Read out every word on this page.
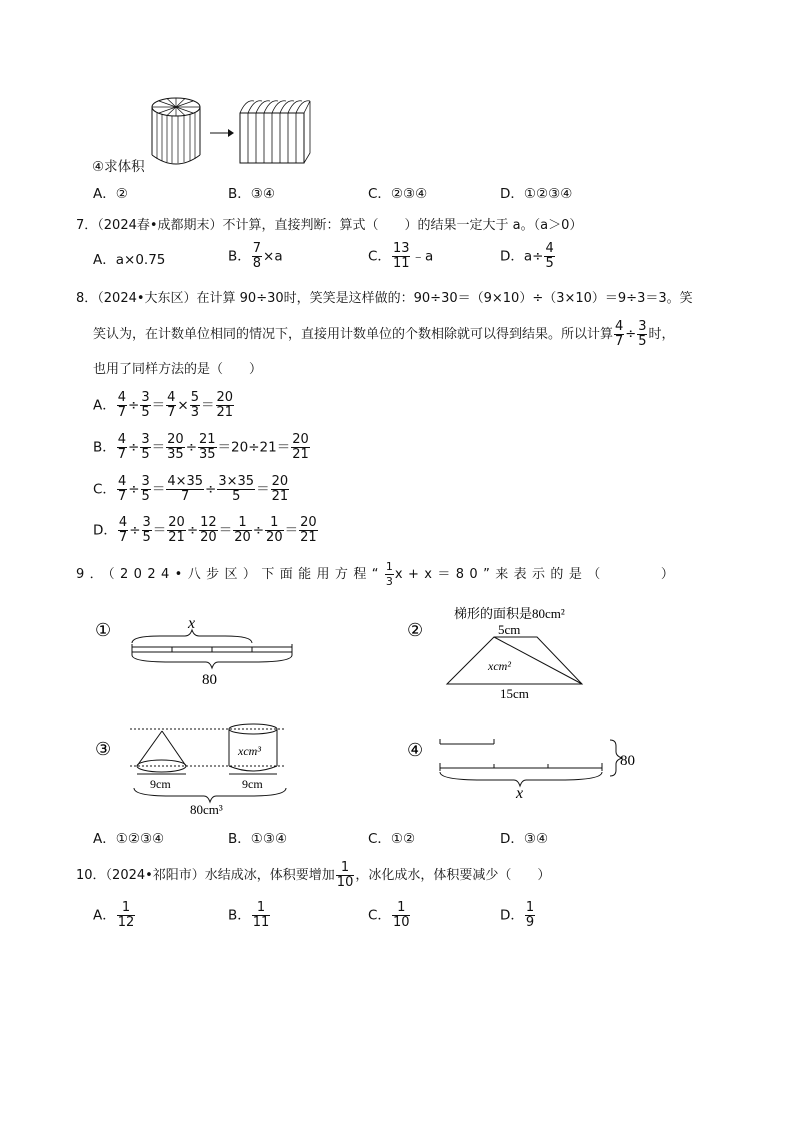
④求体积
A．②	B．③④	C．②③④	D．①②③④
7．（2024春•成都期末）不计算，直接判断：算式（　　）的结果一定大于 a。（a＞0）
A．a×0.75	B． $\frac{7}{8} \times a$	C． $\frac{13}{11}$ ﹣a	D．$a\div \frac{4}{5}$
8．（2024•大东区）在计算 90÷30时，笑笑是这样做的：90÷30＝（9×10）÷（3×10）＝9÷3＝3。笑
笑认为，在计数单位相同的情况下，直接用计数单位的个数相除就可以得到结果。所以计算 $\frac{4}{7} \div \frac{3}{5}$ 时，
也用了同样方法的是（　　）
A． $\frac{4}{7} \div \frac{3}{5} = \frac{4}{7} \times \frac{5}{3} = \frac{20}{21}$
B． $\frac{4}{7} \div \frac{3}{5} = \frac{20}{35} \div \frac{21}{35} =20\div 21= \frac{20}{21}$
C． $\frac{4}{7} \div \frac{3}{5} = \frac{4\times 35}{7} \div \frac{3\times 35}{5} = \frac{20}{21}$
D． $\frac{4}{7} \div \frac{3}{5} = \frac{20}{21} \div \frac{12}{20} = \frac{1}{20} \div \frac{1}{20} = \frac{20}{21}$
9．（2024•八步区）下面能用方程“ $\frac{1}{3} x+x=80$”来表示的是（　　　）
①	x
80
②
梯形的面积是80cm²
5cm
xcm²
15cm
③	xcm³
9cm	9cm
80cm³
④
80
x
A．①②③④	B．①③④	C．①②	D．③④
10．（2024•祁阳市）水结成冰，体积要增加 $\frac{1}{10}$ ，冰化成水，体积要减少（　　）
A． $\frac{1}{12}$	B． $\frac{1}{11}$	C． $\frac{1}{10}$	D． $\frac{1}{9}$
